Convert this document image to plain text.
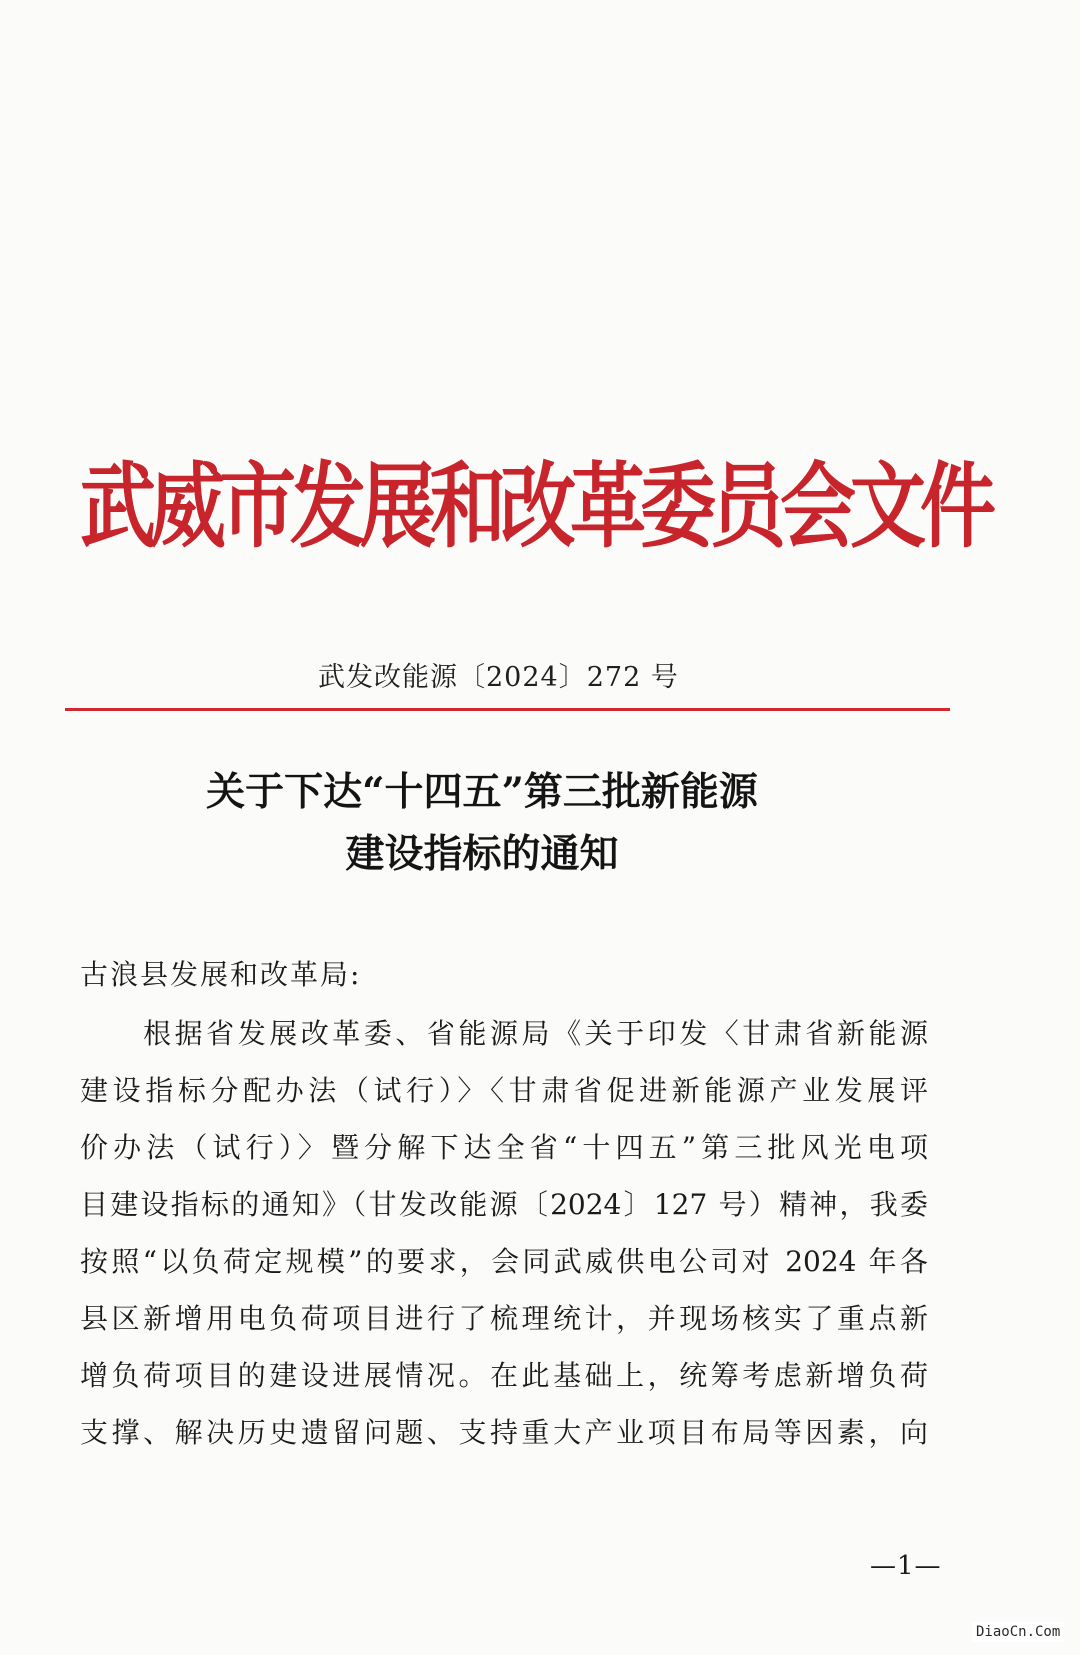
武威市发展和改革委员会文件
武发改能源〔2024〕272 号
关于下达“十四五”第三批新能源
建设指标的通知
古浪县发展和改革局:
　　根据省发展改革委、省能源局《关于印发〈甘肃省新能源
建设指标分配办法（试行）〉〈甘肃省促进新能源产业发展评
价办法（试行）〉暨分解下达全省“十四五”第三批风光电项
目建设指标的通知》（甘发改能源〔2024〕127 号）精神，我委
按照“以负荷定规模”的要求，会同武威供电公司对 2024 年各
县区新增用电负荷项目进行了梳理统计，并现场核实了重点新
增负荷项目的建设进展情况。在此基础上，统筹考虑新增负荷
支撑、解决历史遗留问题、支持重大产业项目布局等因素，向
—1—
DiaoCn.Com
